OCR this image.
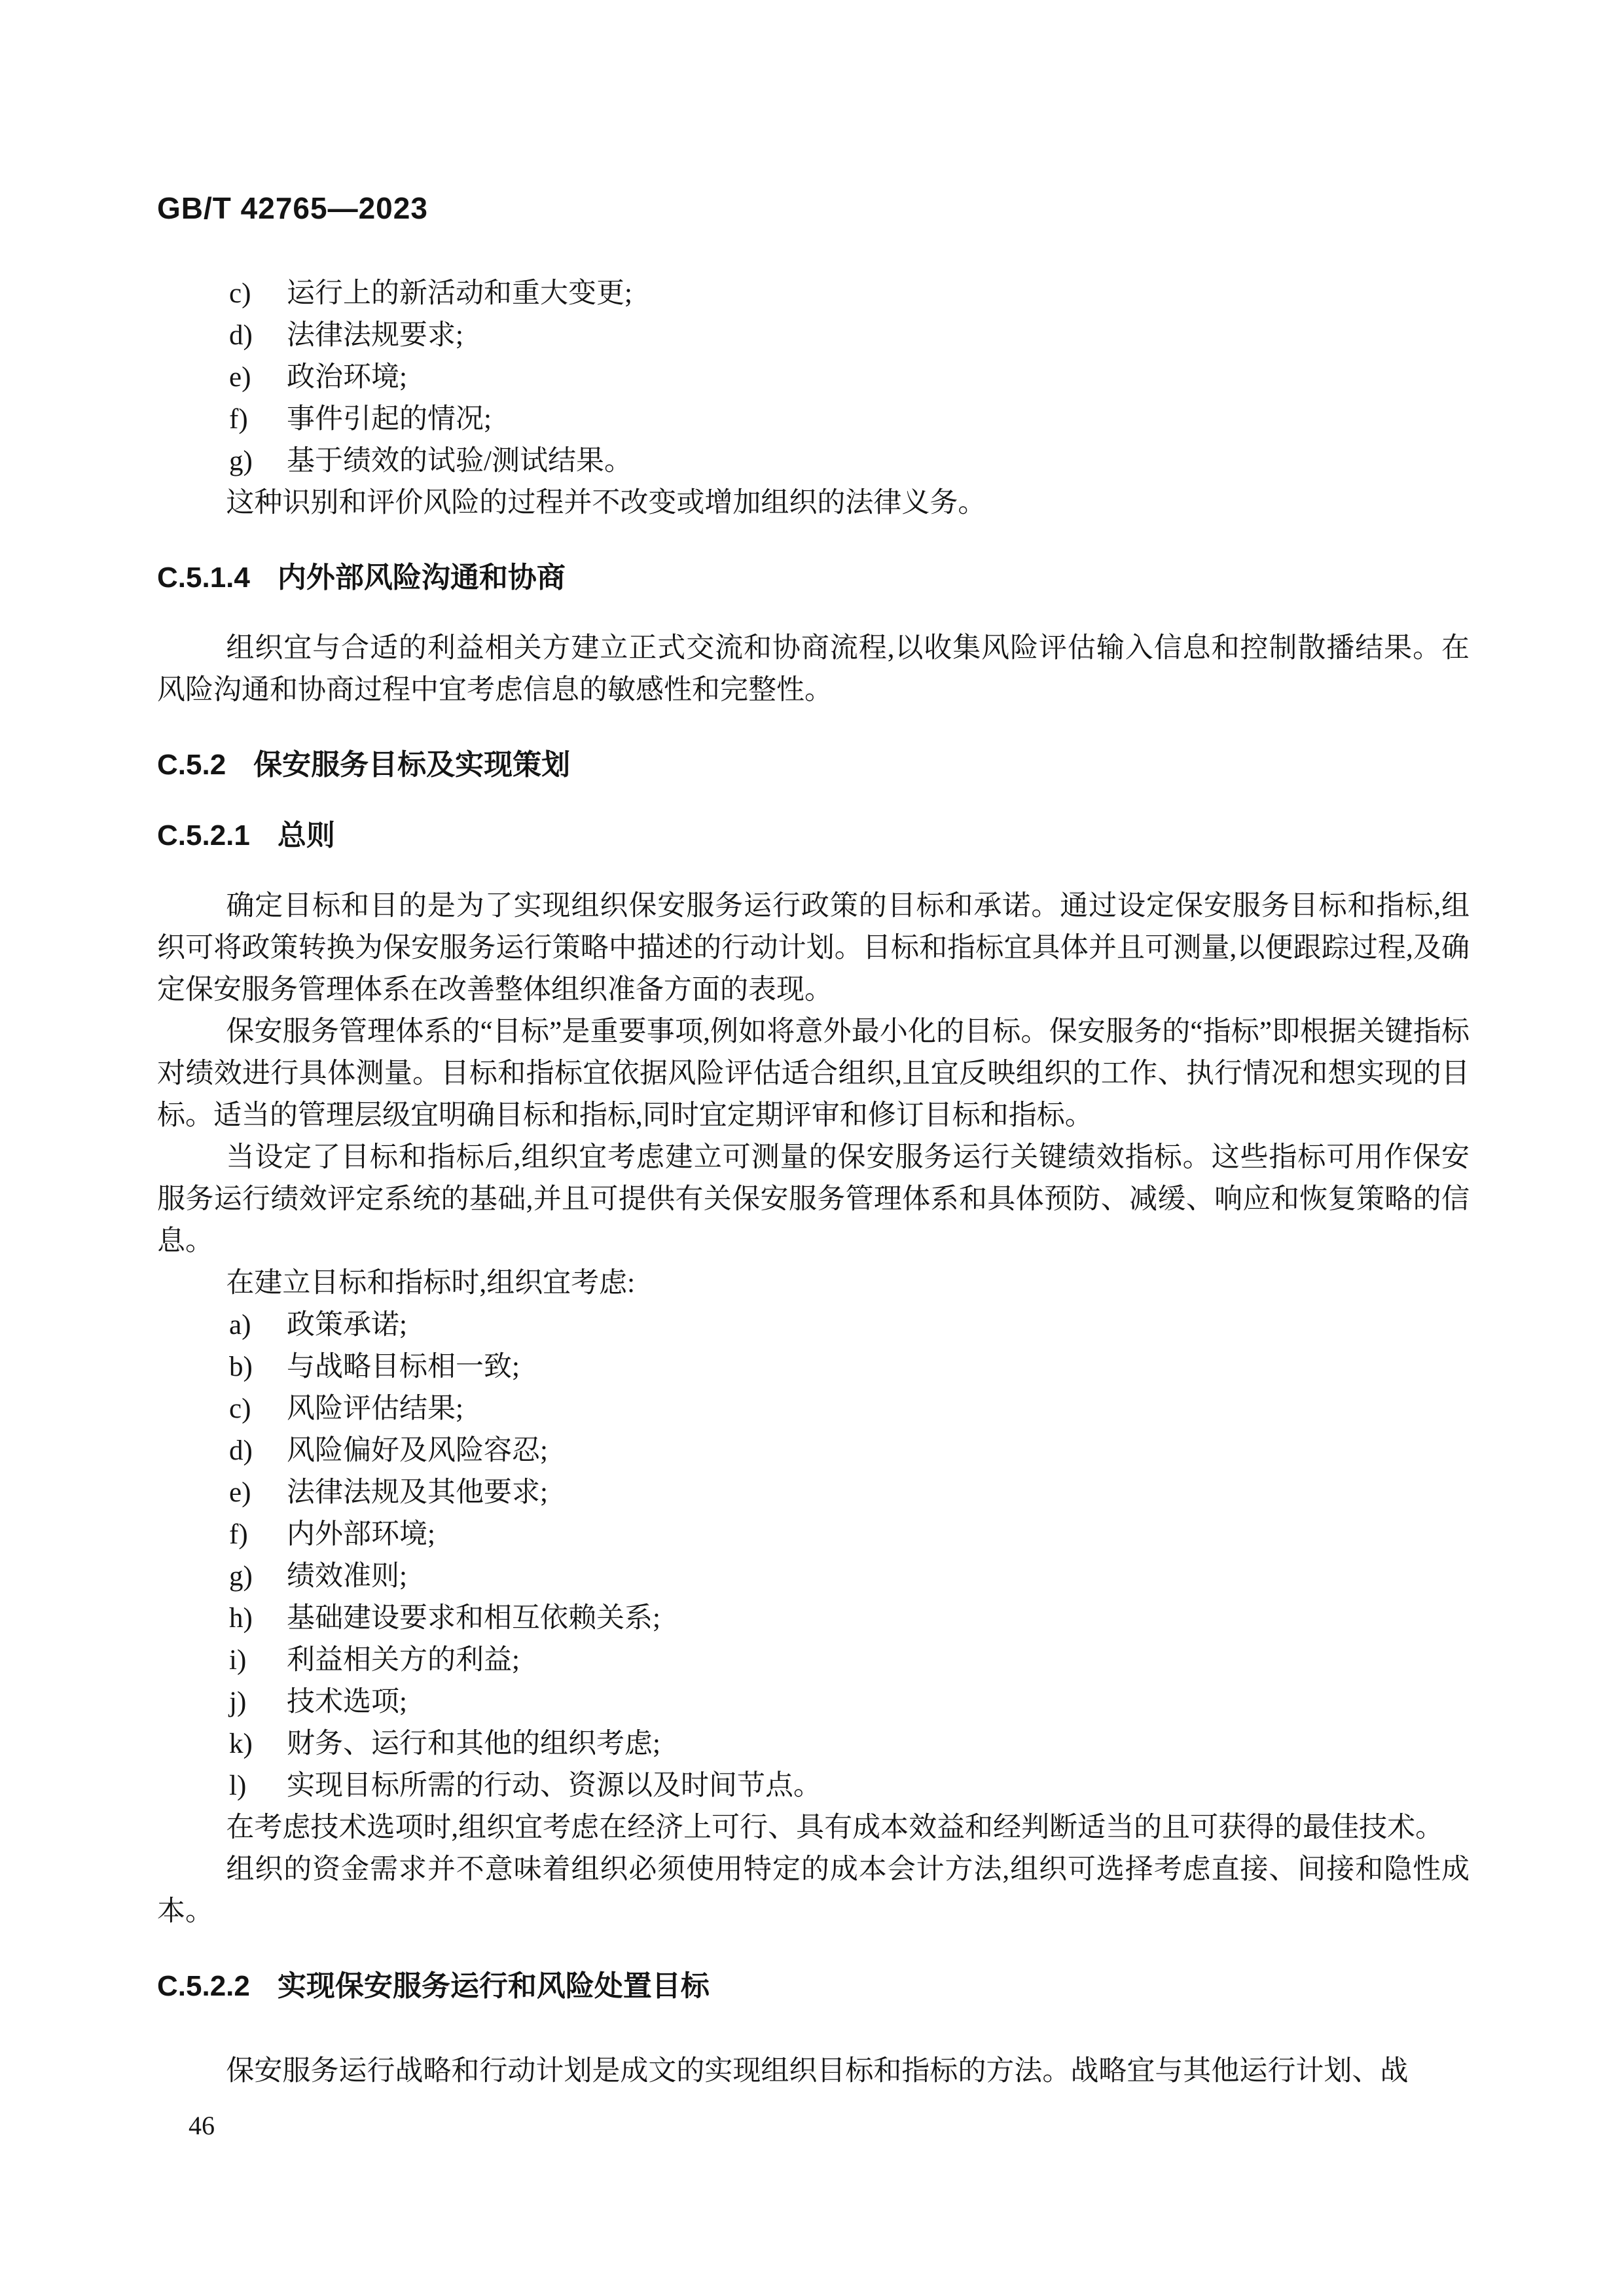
GB/T 42765—2023
c)	运行上的新活动和重大变更;
d)	法律法规要求;
e)	政治环境;
f)	事件引起的情况;
g)	基于绩效的试验/测试结果。

这种识别和评价风险的过程并不改变或增加组织的法律义务。

C.5.1.4 内外部风险沟通和协商

组织宜与合适的利益相关方建立正式交流和协商流程,以收集风险评估输入信息和控制散播结果。在风险沟通和协商过程中宜考虑信息的敏感性和完整性。

C.5.2 保安服务目标及实现策划
C.5.2.1 总则

确定目标和目的是为了实现组织保安服务运行政策的目标和承诺。通过设定保安服务目标和指标,组织可将政策转换为保安服务运行策略中描述的行动计划。目标和指标宜具体并且可测量,以便跟踪过程,及确定保安服务管理体系在改善整体组织准备方面的表现。

保安服务管理体系的“目标”是重要事项,例如将意外最小化的目标。保安服务的“指标”即根据关键指标对绩效进行具体测量。目标和指标宜依据风险评估适合组织,且宜反映组织的工作、执行情况和想实现的目标。适当的管理层级宜明确目标和指标,同时宜定期评审和修订目标和指标。

当设定了目标和指标后,组织宜考虑建立可测量的保安服务运行关键绩效指标。这些指标可用作保安服务运行绩效评定系统的基础,并且可提供有关保安服务管理体系和具体预防、减缓、响应和恢复策略的信息。

在建立目标和指标时,组织宜考虑:

a)	政策承诺;
b)	与战略目标相一致;
c)	风险评估结果;
d)	风险偏好及风险容忍;
e)	法律法规及其他要求;
f)	内外部环境;
g)	绩效准则;
h)	基础建设要求和相互依赖关系;
i)	利益相关方的利益;
j)	技术选项;
k)	财务、运行和其他的组织考虑;
l)	实现目标所需的行动、资源以及时间节点。

在考虑技术选项时,组织宜考虑在经济上可行、具有成本效益和经判断适当的且可获得的最佳技术。

组织的资金需求并不意味着组织必须使用特定的成本会计方法,组织可选择考虑直接、间接和隐性成本。

C.5.2.2 实现保安服务运行和风险处置目标

保安服务运行战略和行动计划是成文的实现组织目标和指标的方法。战略宜与其他运行计划、战

46
